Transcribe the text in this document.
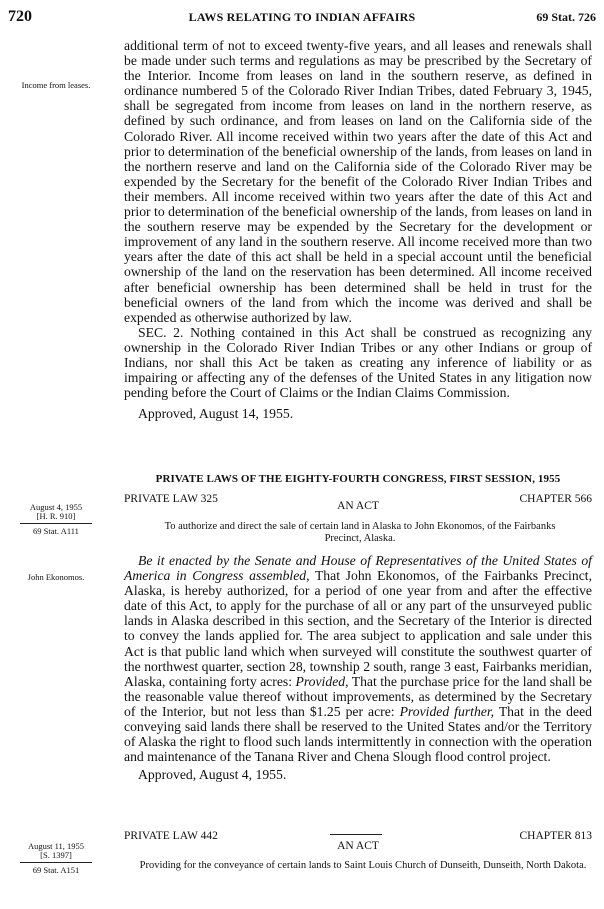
720	LAWS RELATING TO INDIAN AFFAIRS	69 Stat. 726
Income from leases.
August 4, 1955
[H. R. 910]
69 Stat. A111
John Ekonomos.
August 11, 1955
[S. 1397]
69 Stat. A151

additional term of not to exceed twenty-five years, and all leases and renewals shall be made under such terms and regulations as may be prescribed by the Secretary of the Interior. Income from leases on land in the southern reserve, as defined in ordinance numbered 5 of the Colorado River Indian Tribes, dated February 3, 1945, shall be segregated from income from leases on land in the northern reserve, as defined by such ordinance, and from leases on land on the California side of the Colorado River. All income received within two years after the date of this Act and prior to determination of the beneficial ownership of the lands, from leases on land in the northern reserve and land on the California side of the Colorado River may be expended by the Secretary for the benefit of the Colorado River Indian Tribes and their members. All income received within two years after the date of this Act and prior to determination of the beneficial ownership of the lands, from leases on land in the southern reserve may be expended by the Secretary for the development or improvement of any land in the southern reserve. All income received more than two years after the date of this act shall be held in a special account until the beneficial ownership of the land on the reservation has been determined. All income received after beneficial ownership has been determined shall be held in trust for the beneficial owners of the land from which the income was derived and shall be expended as otherwise authorized by law.

SEC. 2. Nothing contained in this Act shall be construed as recognizing any ownership in the Colorado River Indian Tribes or any other Indians or group of Indians, nor shall this Act be taken as creating any inference of liability or as impairing or affecting any of the defenses of the United States in any litigation now pending before the Court of Claims or the Indian Claims Commission.

Approved, August 14, 1955.

PRIVATE LAWS OF THE EIGHTY-FOURTH CONGRESS, FIRST SESSION, 1955
PRIVATE LAW 325
AN ACT
CHAPTER 566

To authorize and direct the sale of certain land in Alaska to John Ekonomos, of the Fairbanks Precinct, Alaska.

Be it enacted by the Senate and House of Representatives of the United States of America in Congress assembled, That John Ekonomos, of the Fairbanks Precinct, Alaska, is hereby authorized, for a period of one year from and after the effective date of this Act, to apply for the purchase of all or any part of the unsurveyed public lands in Alaska described in this section, and the Secretary of the Interior is directed to convey the lands applied for. The area subject to application and sale under this Act is that public land which when surveyed will constitute the southwest quarter of the northwest quarter, section 28, township 2 south, range 3 east, Fairbanks meridian, Alaska, containing forty acres: Provided, That the purchase price for the land shall be the reasonable value thereof without improvements, as determined by the Secretary of the Interior, but not less than $1.25 per acre: Provided further, That in the deed conveying said lands there shall be reserved to the United States and/or the Territory of Alaska the right to flood such lands intermittently in connection with the operation and maintenance of the Tanana River and Chena Slough flood control project.

Approved, August 4, 1955.

PRIVATE LAW 442
AN ACT
CHAPTER 813

Providing for the conveyance of certain lands to Saint Louis Church of Dunseith, Dunseith, North Dakota.
